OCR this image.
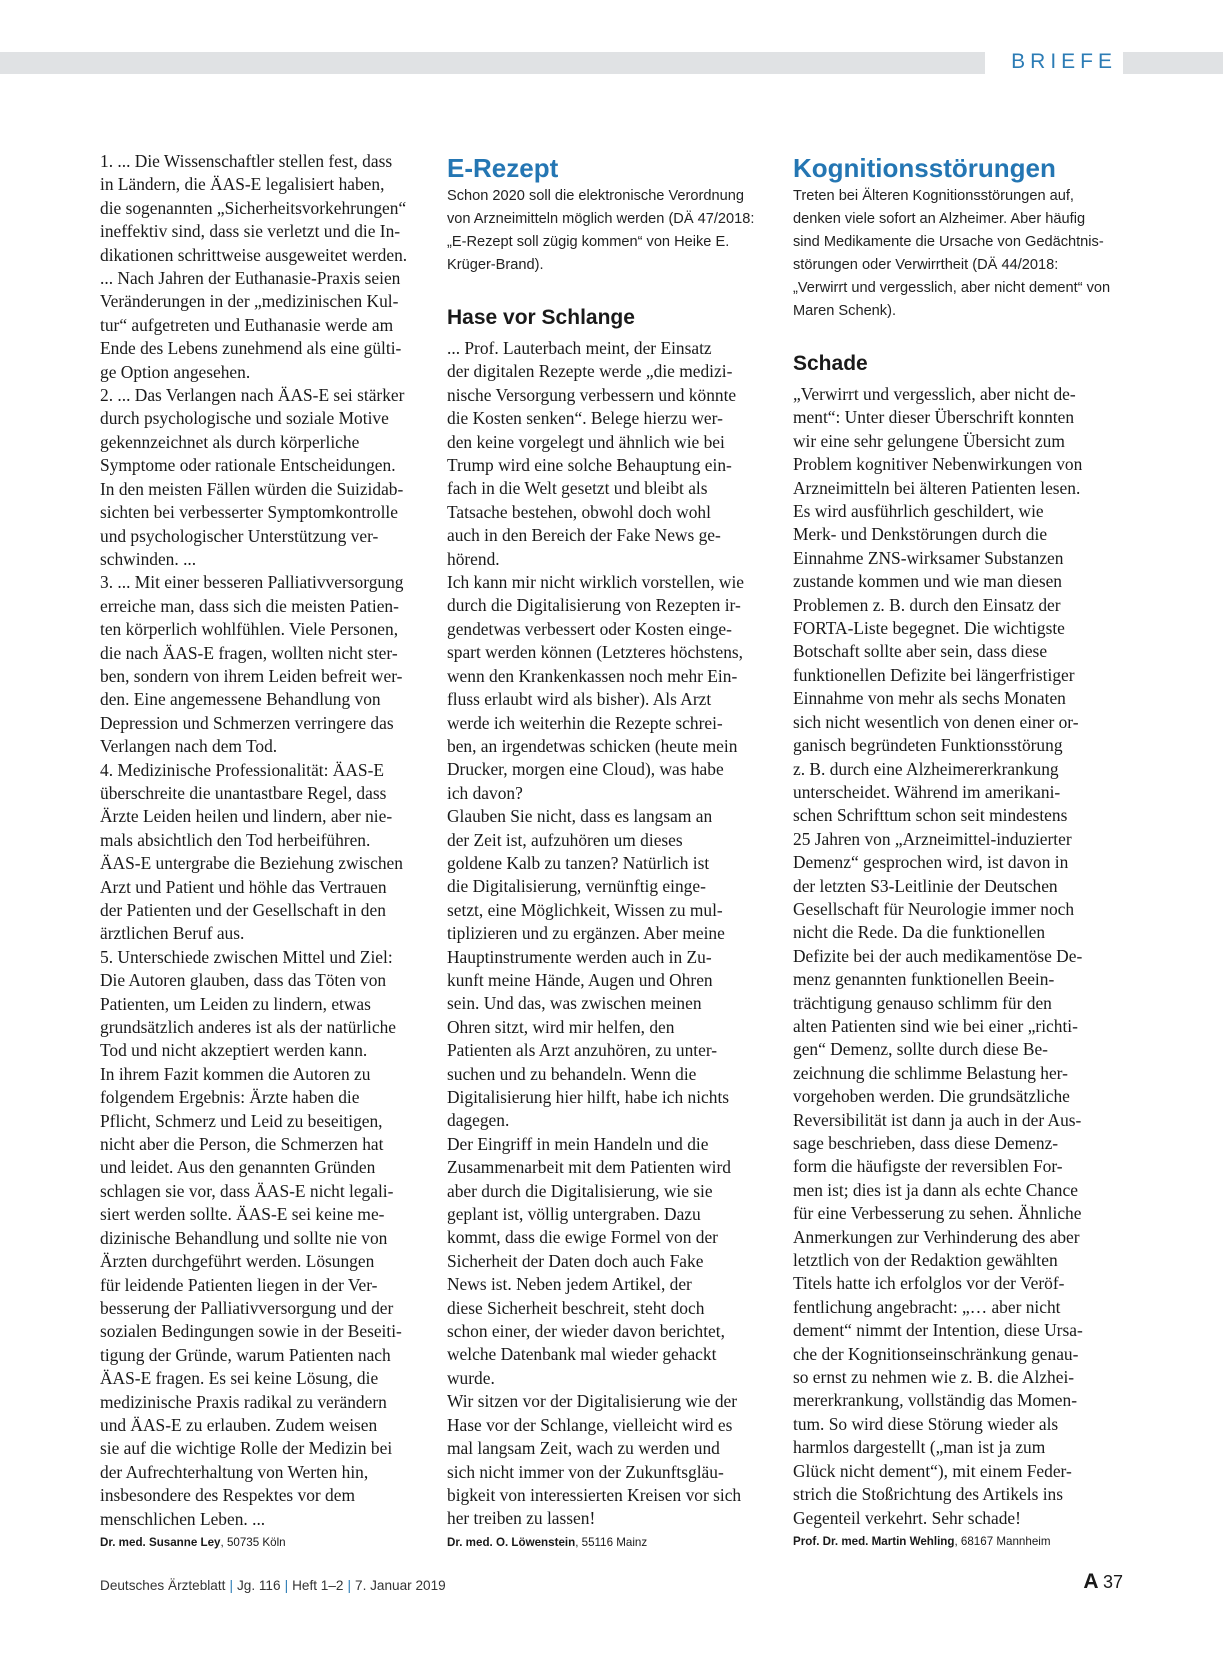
BRIEFE

1. ... Die Wissenschaftler stellen fest, dass
in Ländern, die ÄAS-E legalisiert haben,
die sogenannten „Sicherheitsvorkehrungen“
ineffektiv sind, dass sie verletzt und die In-
dikationen schrittweise ausgeweitet werden.
... Nach Jahren der Euthanasie-Praxis seien
Veränderungen in der „medizinischen Kul-
tur“ aufgetreten und Euthanasie werde am
Ende des Lebens zunehmend als eine gülti-
ge Option angesehen.
2. ... Das Verlangen nach ÄAS-E sei stärker
durch psychologische und soziale Motive
gekennzeichnet als durch körperliche
Symptome oder rationale Entscheidungen.
In den meisten Fällen würden die Suizidab-
sichten bei verbesserter Symptomkontrolle
und psychologischer Unterstützung ver-
schwinden. ...
3. ... Mit einer besseren Palliativversorgung
erreiche man, dass sich die meisten Patien-
ten körperlich wohlfühlen. Viele Personen,
die nach ÄAS-E fragen, wollten nicht ster-
ben, sondern von ihrem Leiden befreit wer-
den. Eine angemessene Behandlung von
Depression und Schmerzen verringere das
Verlangen nach dem Tod.
4. Medizinische Professionalität: ÄAS-E
überschreite die unantastbare Regel, dass
Ärzte Leiden heilen und lindern, aber nie-
mals absichtlich den Tod herbeiführen.
ÄAS-E untergrabe die Beziehung zwischen
Arzt und Patient und höhle das Vertrauen
der Patienten und der Gesellschaft in den
ärztlichen Beruf aus.
5. Unterschiede zwischen Mittel und Ziel:
Die Autoren glauben, dass das Töten von
Patienten, um Leiden zu lindern, etwas
grundsätzlich anderes ist als der natürliche
Tod und nicht akzeptiert werden kann.
In ihrem Fazit kommen die Autoren zu
folgendem Ergebnis: Ärzte haben die
Pflicht, Schmerz und Leid zu beseitigen,
nicht aber die Person, die Schmerzen hat
und leidet. Aus den genannten Gründen
schlagen sie vor, dass ÄAS-E nicht legali-
siert werden sollte. ÄAS-E sei keine me-
dizinische Behandlung und sollte nie von
Ärzten durchgeführt werden. Lösungen
für leidende Patienten liegen in der Ver-
besserung der Palliativversorgung und der
sozialen Bedingungen sowie in der Beseiti-
tigung der Gründe, warum Patienten nach
ÄAS-E fragen. Es sei keine Lösung, die
medizinische Praxis radikal zu verändern
und ÄAS-E zu erlauben. Zudem weisen
sie auf die wichtige Rolle der Medizin bei
der Aufrechterhaltung von Werten hin,
insbesondere des Respektes vor dem
menschlichen Leben. ...

Dr. med. Susanne Ley, 50735 Köln
E-Rezept

Schon 2020 soll die elektronische Verordnung
von Arzneimitteln möglich werden (DÄ 47/2018:
„E-Rezept soll zügig kommen“ von Heike E.
Krüger-Brand).

Hase vor Schlange

... Prof. Lauterbach meint, der Einsatz
der digitalen Rezepte werde „die medizi-
nische Versorgung verbessern und könnte
die Kosten senken“. Belege hierzu wer-
den keine vorgelegt und ähnlich wie bei
Trump wird eine solche Behauptung ein-
fach in die Welt gesetzt und bleibt als
Tatsache bestehen, obwohl doch wohl
auch in den Bereich der Fake News ge-
hörend.
Ich kann mir nicht wirklich vorstellen, wie
durch die Digitalisierung von Rezepten ir-
gendetwas verbessert oder Kosten einge-
spart werden können (Letzteres höchstens,
wenn den Krankenkassen noch mehr Ein-
fluss erlaubt wird als bisher). Als Arzt
werde ich weiterhin die Rezepte schrei-
ben, an irgendetwas schicken (heute mein
Drucker, morgen eine Cloud), was habe
ich davon?
Glauben Sie nicht, dass es langsam an
der Zeit ist, aufzuhören um dieses
goldene Kalb zu tanzen? Natürlich ist
die Digitalisierung, vernünftig einge-
setzt, eine Möglichkeit, Wissen zu mul-
tiplizieren und zu ergänzen. Aber meine
Hauptinstrumente werden auch in Zu-
kunft meine Hände, Augen und Ohren
sein. Und das, was zwischen meinen
Ohren sitzt, wird mir helfen, den
Patienten als Arzt anzuhören, zu unter-
suchen und zu behandeln. Wenn die
Digitalisierung hier hilft, habe ich nichts
dagegen.
Der Eingriff in mein Handeln und die
Zusammenarbeit mit dem Patienten wird
aber durch die Digitalisierung, wie sie
geplant ist, völlig untergraben. Dazu
kommt, dass die ewige Formel von der
Sicherheit der Daten doch auch Fake
News ist. Neben jedem Artikel, der
diese Sicherheit beschreit, steht doch
schon einer, der wieder davon berichtet,
welche Datenbank mal wieder gehackt
wurde.
Wir sitzen vor der Digitalisierung wie der
Hase vor der Schlange, vielleicht wird es
mal langsam Zeit, wach zu werden und
sich nicht immer von der Zukunftsgläu-
bigkeit von interessierten Kreisen vor sich
her treiben zu lassen!

Dr. med. O. Löwenstein, 55116 Mainz
Kognitionsstörungen

Treten bei Älteren Kognitionsstörungen auf,
denken viele sofort an Alzheimer. Aber häufig
sind Medikamente die Ursache von Gedächtnis-
störungen oder Verwirrtheit (DÄ 44/2018:
„Verwirrt und vergesslich, aber nicht dement“ von
Maren Schenk).

Schade

„Verwirrt und vergesslich, aber nicht de-
ment“: Unter dieser Überschrift konnten
wir eine sehr gelungene Übersicht zum
Problem kognitiver Nebenwirkungen von
Arzneimitteln bei älteren Patienten lesen.
Es wird ausführlich geschildert, wie
Merk- und Denkstörungen durch die
Einnahme ZNS-wirksamer Substanzen
zustande kommen und wie man diesen
Problemen z. B. durch den Einsatz der
FORTA-Liste begegnet. Die wichtigste
Botschaft sollte aber sein, dass diese
funktionellen Defizite bei längerfristiger
Einnahme von mehr als sechs Monaten
sich nicht wesentlich von denen einer or-
ganisch begründeten Funktionsstörung
z. B. durch eine Alzheimererkrankung
unterscheidet. Während im amerikani-
schen Schrifttum schon seit mindestens
25 Jahren von „Arzneimittel-induzierter
Demenz“ gesprochen wird, ist davon in
der letzten S3-Leitlinie der Deutschen
Gesellschaft für Neurologie immer noch
nicht die Rede. Da die funktionellen
Defizite bei der auch medikamentöse De-
menz genannten funktionellen Beein-
trächtigung genauso schlimm für den
alten Patienten sind wie bei einer „richti-
gen“ Demenz, sollte durch diese Be-
zeichnung die schlimme Belastung her-
vorgehoben werden. Die grundsätzliche
Reversibilität ist dann ja auch in der Aus-
sage beschrieben, dass diese Demenz-
form die häufigste der reversiblen For-
men ist; dies ist ja dann als echte Chance
für eine Verbesserung zu sehen. Ähnliche
Anmerkungen zur Verhinderung des aber
letztlich von der Redaktion gewählten
Titels hatte ich erfolglos vor der Veröf-
fentlichung angebracht: „… aber nicht
dement“ nimmt der Intention, diese Ursa-
che der Kognitionseinschränkung genau-
so ernst zu nehmen wie z. B. die Alzhei-
mererkrankung, vollständig das Momen-
tum. So wird diese Störung wieder als
harmlos dargestellt („man ist ja zum
Glück nicht dement“), mit einem Feder-
strich die Stoßrichtung des Artikels ins
Gegenteil verkehrt. Sehr schade!

Prof. Dr. med. Martin Wehling, 68167 Mannheim
Deutsches Ärzteblatt | Jg. 116 | Heft 1–2 | 7. Januar 2019	A 37
